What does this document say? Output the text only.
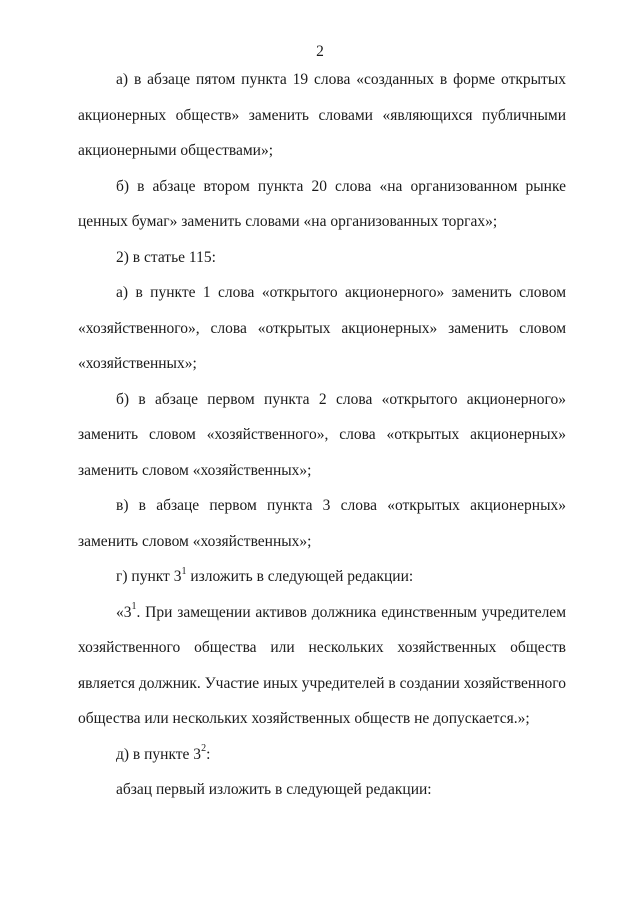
2

а) в абзаце пятом пункта 19 слова «созданных в форме открытых акционерных обществ» заменить словами «являющихся публичными акционерными обществами»;

б) в абзаце втором пункта 20 слова «на организованном рынке ценных бумаг» заменить словами «на организованных торгах»;

2) в статье 115:

а) в пункте 1 слова «открытого акционерного» заменить словом «хозяйственного», слова «открытых акционерных» заменить словом «хозяйственных»;

б) в абзаце первом пункта 2 слова «открытого акционерного» заменить словом «хозяйственного», слова «открытых акционерных» заменить словом «хозяйственных»;

в) в абзаце первом пункта 3 слова «открытых акционерных» заменить словом «хозяйственных»;

г) пункт $3^1$ изложить в следующей редакции:

«$3^1$. При замещении активов должника единственным учредителем хозяйственного общества или нескольких хозяйственных обществ является должник. Участие иных учредителей в создании хозяйственного общества или нескольких хозяйственных обществ не допускается.»;

д) в пункте $3^2$:

абзац первый изложить в следующей редакции:
